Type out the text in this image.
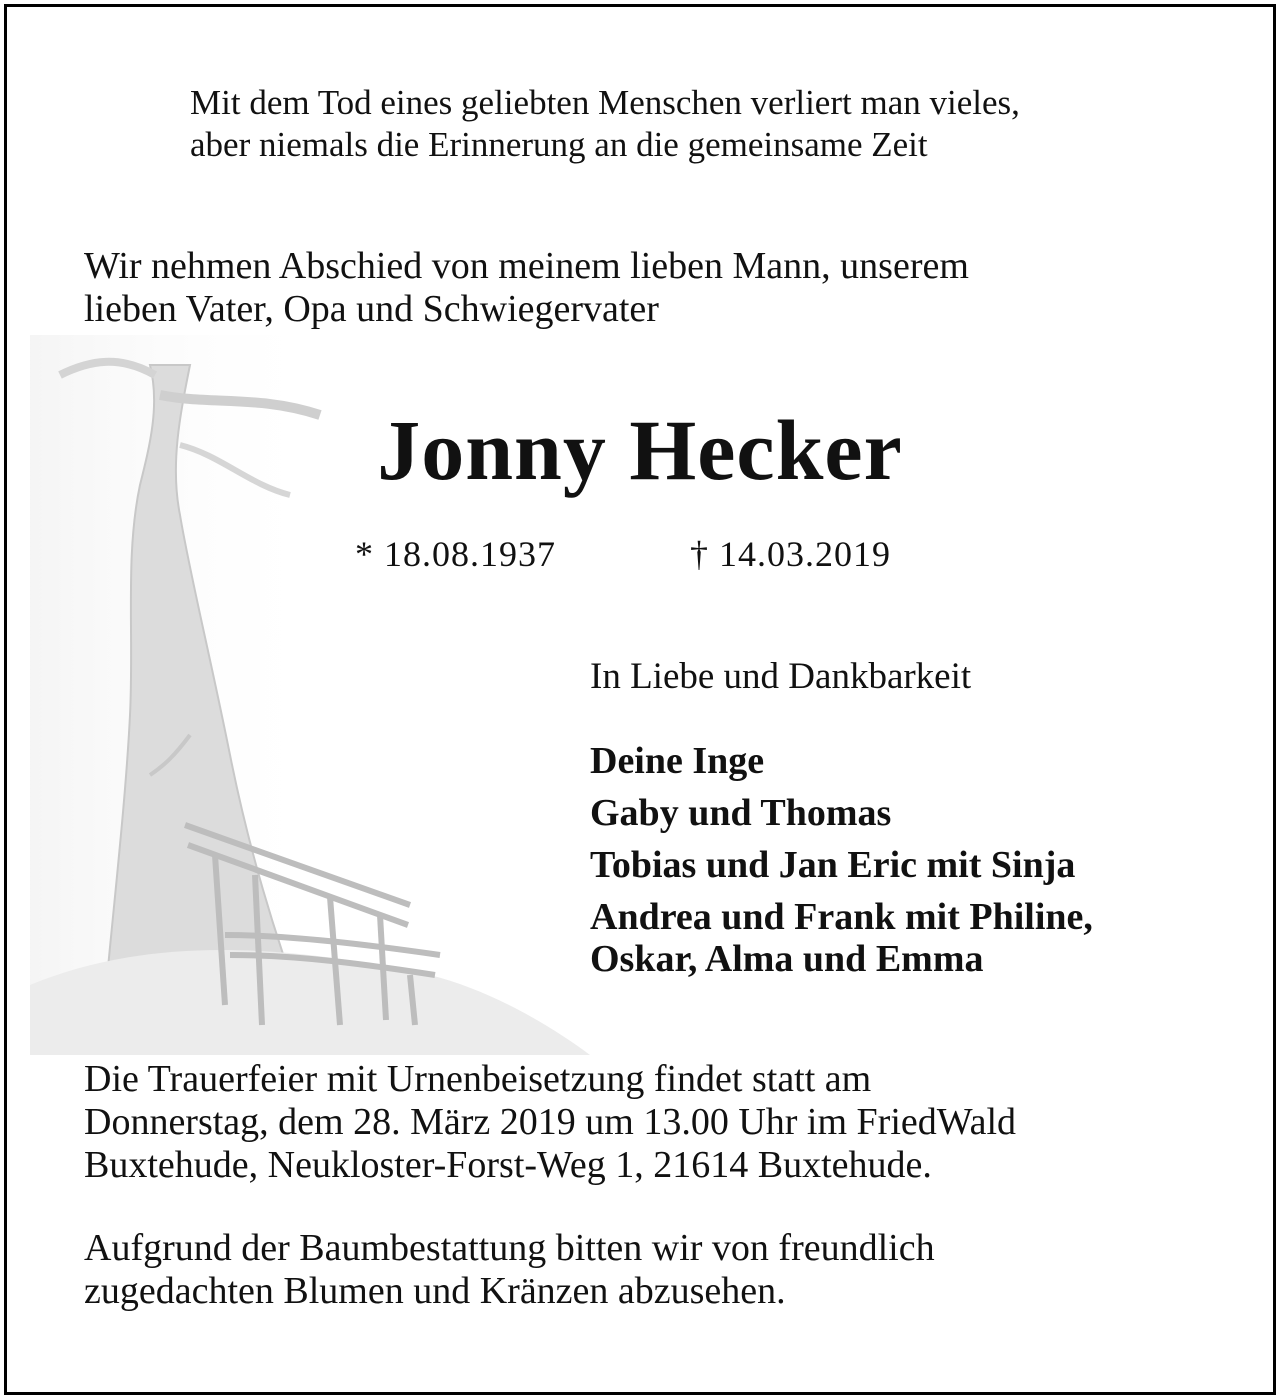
Mit dem Tod eines geliebten Menschen verliert man vieles,
aber niemals die Erinnerung an die gemeinsame Zeit
Wir nehmen Abschied von meinem lieben Mann, unserem
lieben Vater, Opa und Schwiegervater
Jonny Hecker
* 18.08.1937	† 14.03.2019
In Liebe und Dankbarkeit
Deine Inge
Gaby und Thomas
Tobias und Jan Eric mit Sinja
Andrea und Frank mit Philine,
Oskar, Alma und Emma
Die Trauerfeier mit Urnenbeisetzung findet statt am
Donnerstag, dem 28. März 2019 um 13.00 Uhr im FriedWald
Buxtehude, Neukloster-Forst-Weg 1, 21614 Buxtehude.
Aufgrund der Baumbestattung bitten wir von freundlich
zugedachten Blumen und Kränzen abzusehen.
